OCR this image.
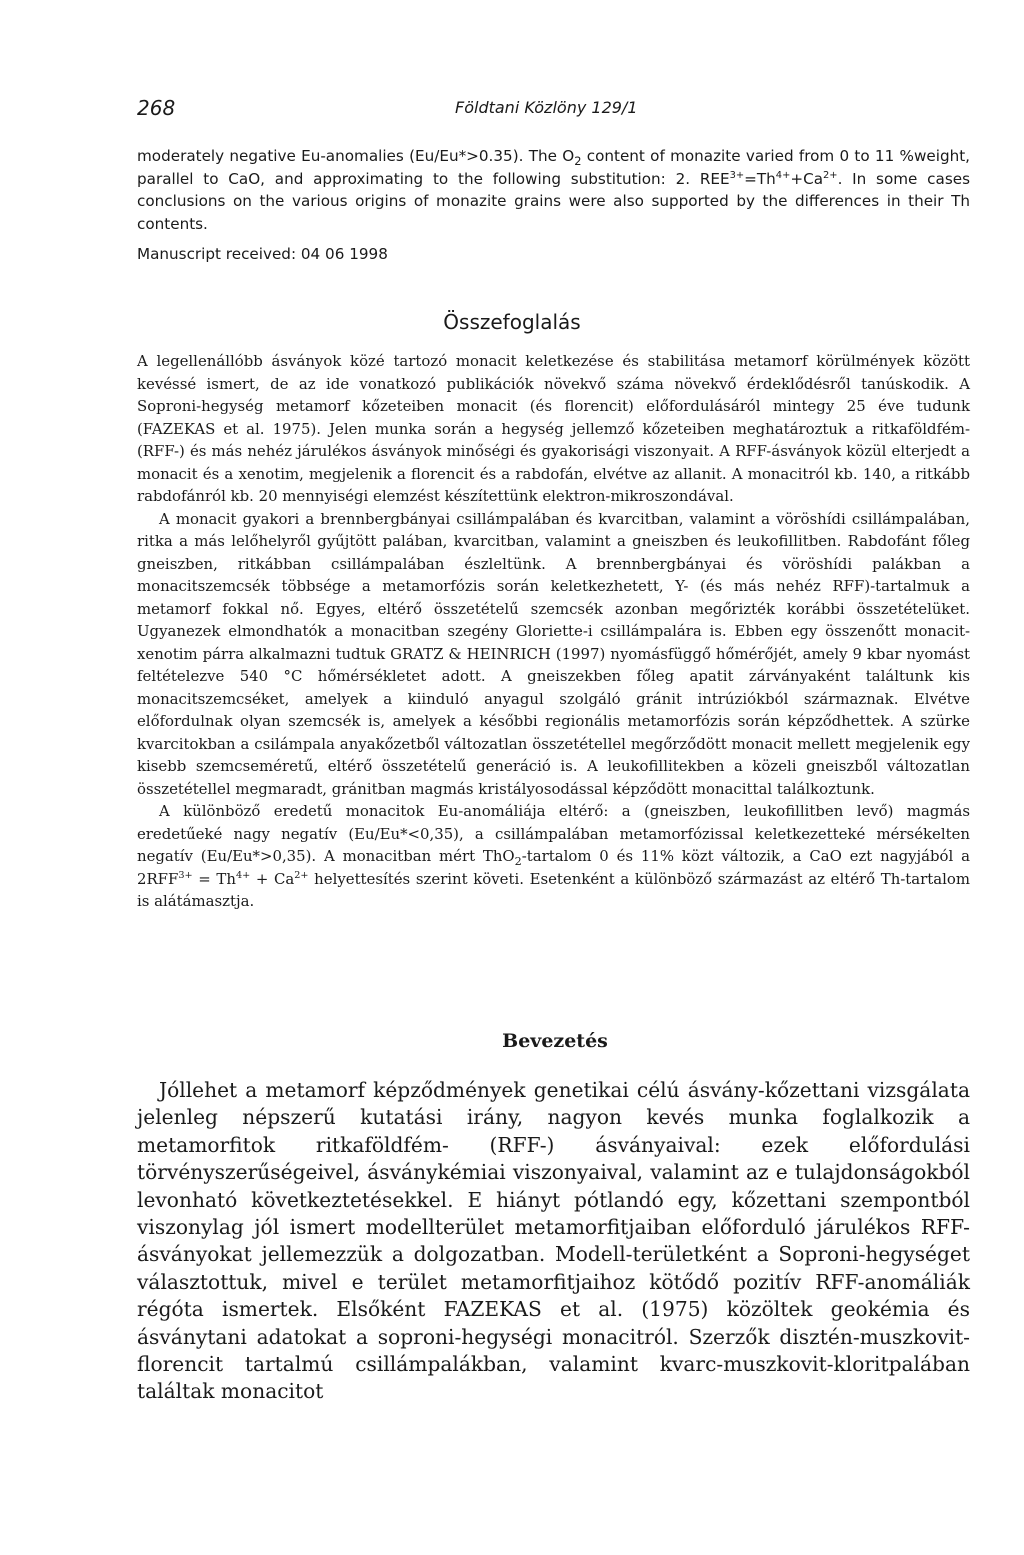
268	Földtani Közlöny 129/1

moderately negative Eu-anomalies (Eu/Eu*>0.35). The $O_2$ content of monazite varied from 0 to 11 %weight, parallel to CaO, and approximating to the following substitution: 2. $REE^{3+}=Th^{4+}+Ca^{2+}$. In some cases conclusions on the various origins of monazite grains were also supported by the differences in their Th contents.

Manuscript received: 04 06 1998
Összefoglalás

A legellenállóbb ásványok közé tartozó monacit keletkezése és stabilitása metamorf körülmények között kevéssé ismert, de az ide vonatkozó publikációk növekvő száma növekvő érdeklődésről tanúskodik. A Soproni-hegység metamorf kőzeteiben monacit (és florencit) előfordulásáról mintegy 25 éve tudunk (FAZEKAS et al. 1975). Jelen munka során a hegység jellemző kőzeteiben meghatároztuk a ritkaföldfém- (RFF-) és más nehéz járulékos ásványok minőségi és gyakorisági viszonyait. A RFF-ásványok közül elterjedt a monacit és a xenotim, megjelenik a florencit és a rabdofán, elvétve az allanit. A monacitról kb. 140, a ritkább rabdofánról kb. 20 mennyiségi elemzést készítettünk elektron-mikroszondával.

A monacit gyakori a brennbergbányai csillámpalában és kvarcitban, valamint a vöröshídi csillámpalában, ritka a más lelőhelyről gyűjtött palában, kvarcitban, valamint a gneiszben és leukofillitben. Rabdofánt főleg gneiszben, ritkábban csillámpalában észleltünk. A brennbergbányai és vöröshídi palákban a monacitszemcsék többsége a metamorfózis során keletkezhetett, Y- (és más nehéz RFF)-tartalmuk a metamorf fokkal nő. Egyes, eltérő összetételű szemcsék azonban megőrizték korábbi összetételüket. Ugyanezek elmondhatók a monacitban szegény Gloriette-i csillámpalára is. Ebben egy összenőtt monacit-xenotim párra alkalmazni tudtuk GRATZ & HEINRICH (1997) nyomásfüggő hőmérőjét, amely 9 kbar nyomást feltételezve 540 °C hőmérsékletet adott. A gneiszekben főleg apatit zárványaként találtunk kis monacitszemcséket, amelyek a kiinduló anyagul szolgáló gránit intrúziókból származnak. Elvétve előfordulnak olyan szemcsék is, amelyek a későbbi regionális metamorfózis során képződhettek. A szürke kvarcitokban a csilámpala anyakőzetből változatlan összetétellel megőrződött monacit mellett megjelenik egy kisebb szemcseméretű, eltérő összetételű generáció is. A leukofillitekben a közeli gneiszből változatlan összetétellel megmaradt, gránitban magmás kristályosodással képződött monacittal találkoztunk.

A különböző eredetű monacitok Eu-anomáliája eltérő: a (gneiszben, leukofillitben levő) magmás eredetűeké nagy negatív (Eu/Eu*<0,35), a csillámpalában metamorfózissal keletkezetteké mérsékelten negatív (Eu/Eu*>0,35). A monacitban mért ThO$_2$-tartalom 0 és 11% közt változik, a CaO ezt nagyjából a $2RFF^{3+} = Th^{4+} + Ca^{2+}$ helyettesítés szerint követi. Esetenként a különböző származást az eltérő Th-tartalom is alátámasztja.

Bevezetés

Jóllehet a metamorf képződmények genetikai célú ásvány-kőzettani vizsgálata jelenleg népszerű kutatási irány, nagyon kevés munka foglalkozik a metamorfitok ritkaföldfém- (RFF-) ásványaival: ezek előfordulási törvényszerűségeivel, ásványkémiai viszonyaival, valamint az e tulajdonságokból levonható következtetésekkel. E hiányt pótlandó egy, kőzettani szempontból viszonylag jól ismert modellterület metamorfitjaiban előforduló járulékos RFF-ásványokat jellemezzük a dolgozatban. Modell-területként a Soproni-hegységet választottuk, mivel e terület metamorfitjaihoz kötődő pozitív RFF-anomáliák régóta ismertek. Elsőként FAZEKAS et al. (1975) közöltek geokémia és ásványtani adatokat a soproni-hegységi monacitról. Szerzők disztén-muszkovit-florencit tartalmú csillámpalákban, valamint kvarc-muszkovit-kloritpalában találtak monacitot
